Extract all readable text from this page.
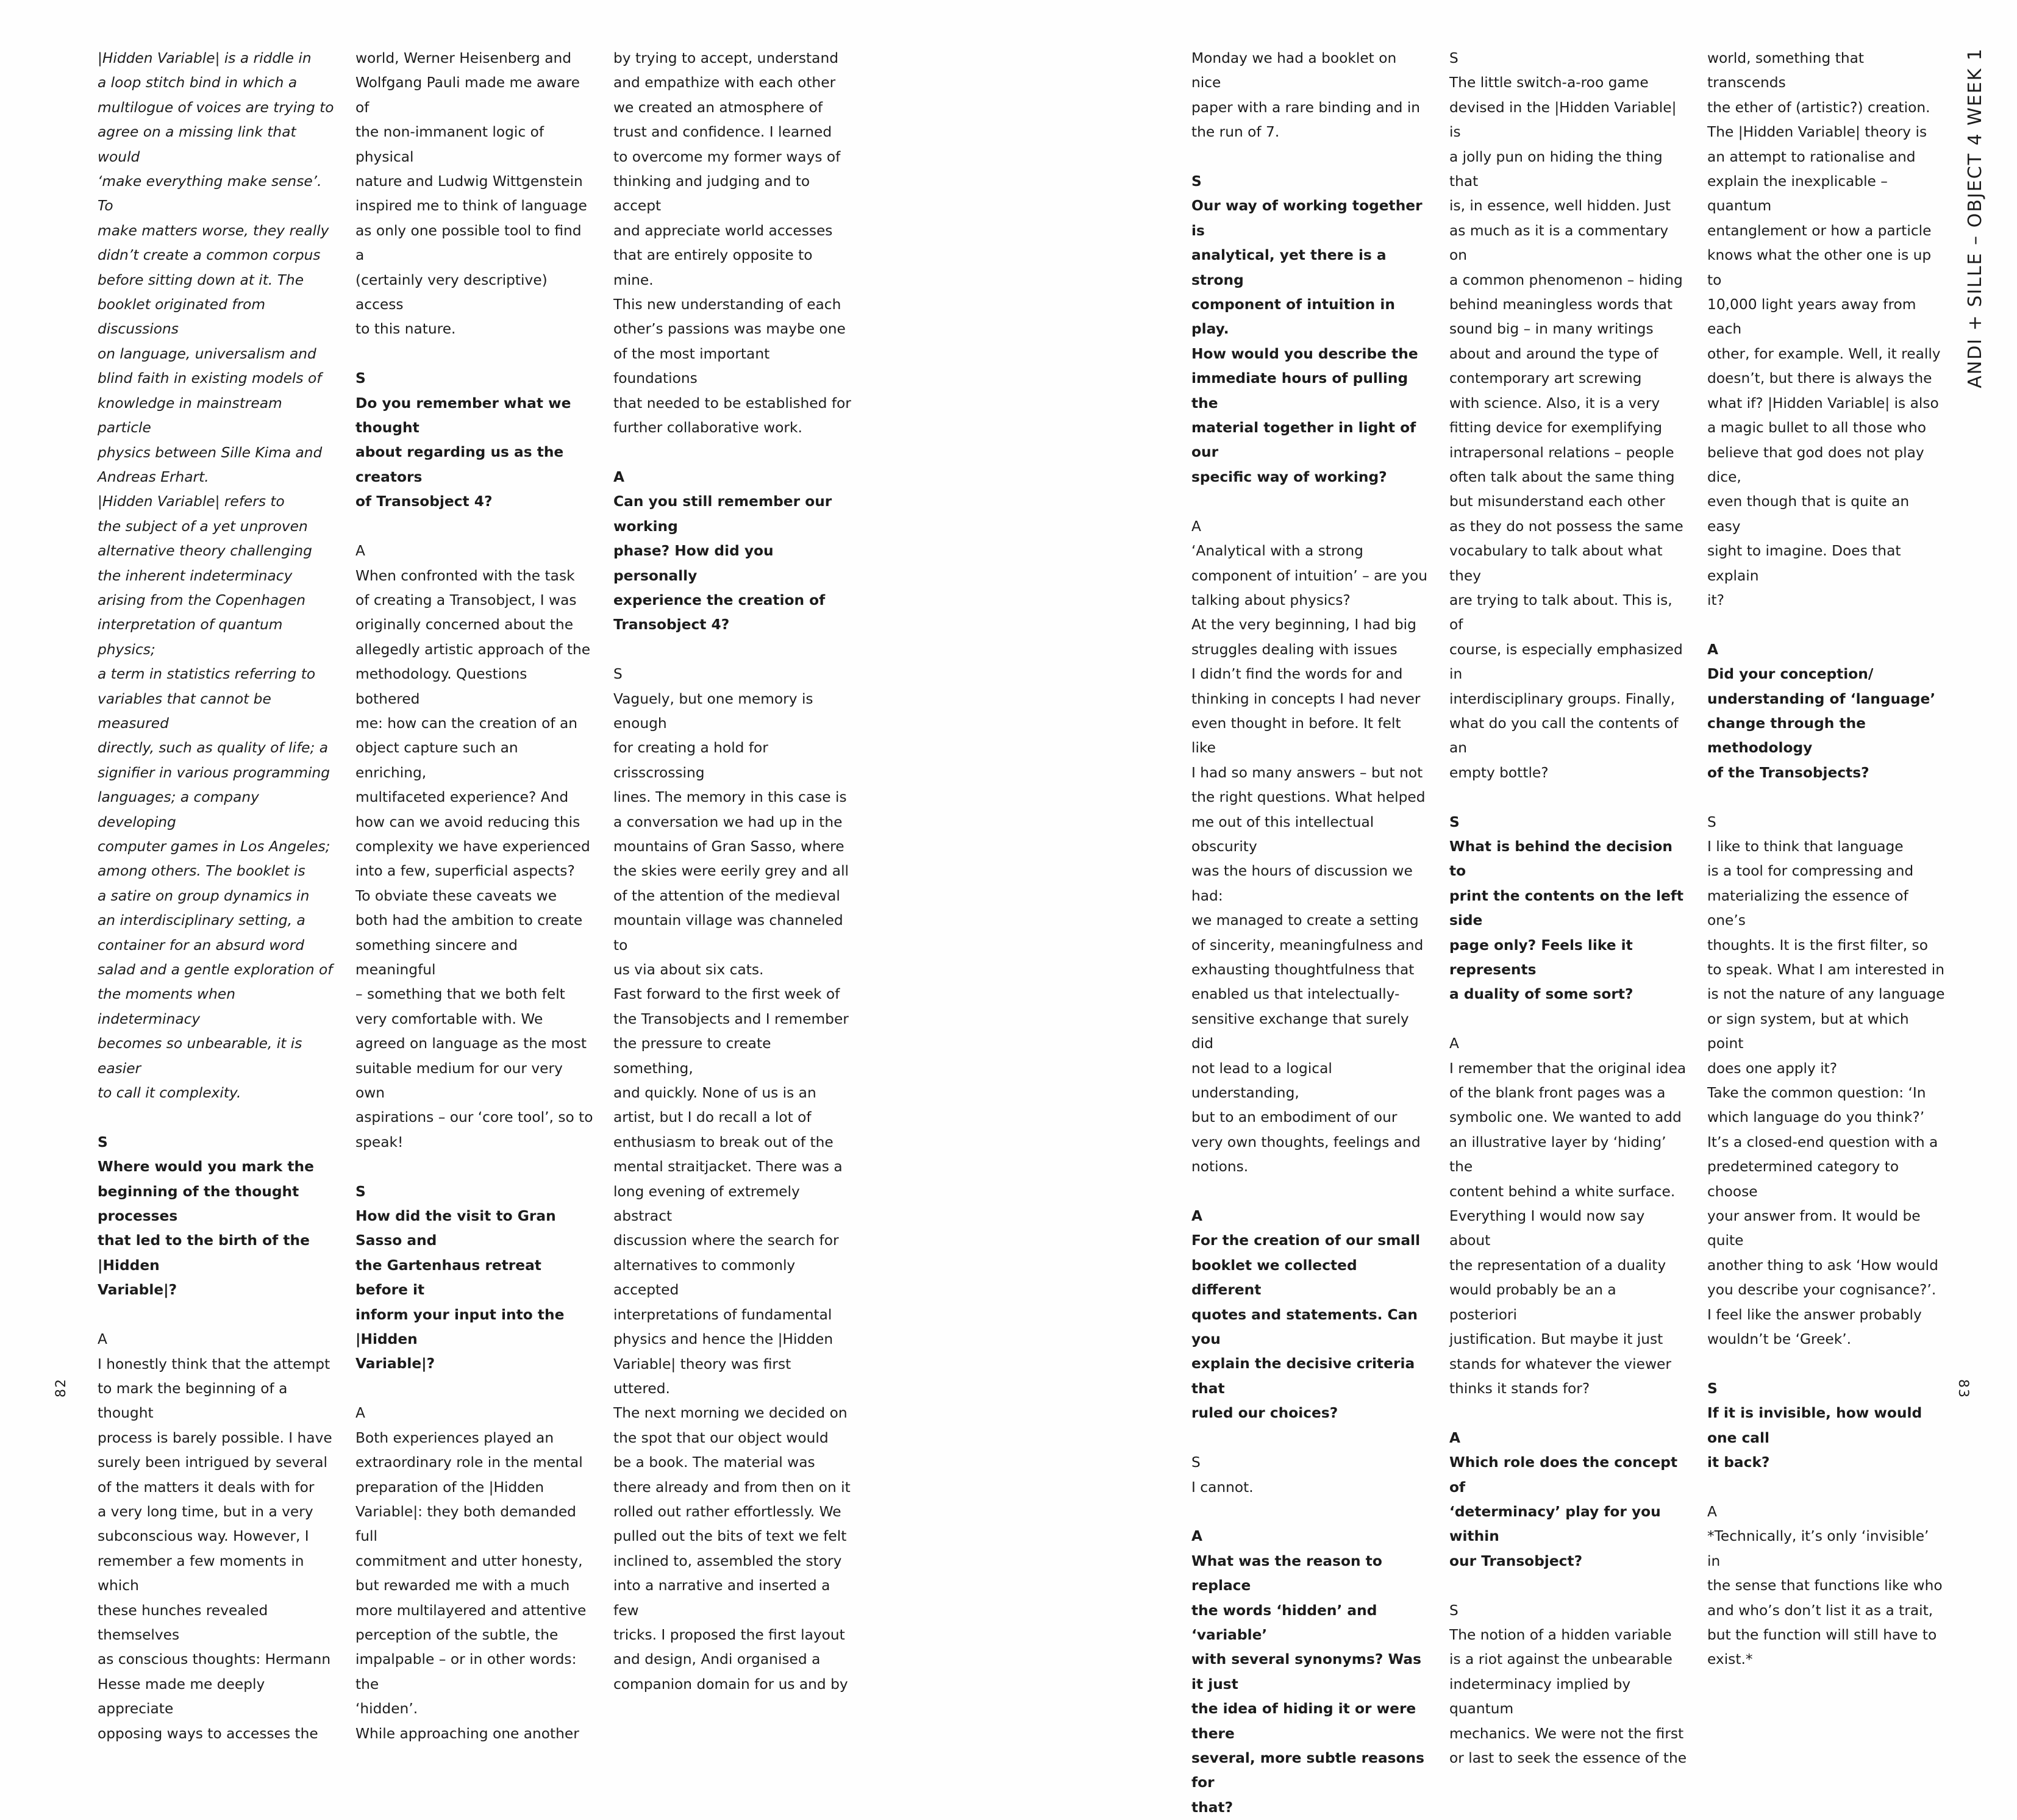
|Hidden Variable| is a riddle in

a loop stitch bind in which a

multilogue of voices are trying to

agree on a missing link that would

‘make everything make sense’. To

make matters worse, they really

didn’t create a common corpus

before sitting down at it. The

booklet originated from discussions

on language, universalism and

blind faith in existing models of

knowledge in mainstream particle

physics between Sille Kima and

Andreas Erhart.

|Hidden Variable| refers to

the subject of a yet unproven

alternative theory challenging

the inherent indeterminacy

arising from the Copenhagen

interpretation of quantum physics;

a term in statistics referring to

variables that cannot be measured

directly, such as quality of life; a

signifier in various programming

languages; a company developing

computer games in Los Angeles;

among others. The booklet is

a satire on group dynamics in

an interdisciplinary setting, a

container for an absurd word

salad and a gentle exploration of

the moments when indeterminacy

becomes so unbearable, it is easier

to call it complexity.

S

Where would you mark the

beginning of the thought processes

that led to the birth of the |Hidden

Variable|?

A

I honestly think that the attempt

to mark the beginning of a thought

process is barely possible. I have

surely been intrigued by several

of the matters it deals with for

a very long time, but in a very

subconscious way. However, I

remember a few moments in which

these hunches revealed themselves

as conscious thoughts: Hermann

Hesse made me deeply appreciate

opposing ways to accesses the

world, Werner Heisenberg and

Wolfgang Pauli made me aware of

the non-immanent logic of physical

nature and Ludwig Wittgenstein

inspired me to think of language

as only one possible tool to find a

(certainly very descriptive) access

to this nature.

S

Do you remember what we thought

about regarding us as the creators

of Transobject 4?

A

When confronted with the task

of creating a Transobject, I was

originally concerned about the

allegedly artistic approach of the

methodology. Questions bothered

me: how can the creation of an

object capture such an enriching,

multifaceted experience? And

how can we avoid reducing this

complexity we have experienced

into a few, superficial aspects?

To obviate these caveats we

both had the ambition to create

something sincere and meaningful

– something that we both felt

very comfortable with. We

agreed on language as the most

suitable medium for our very own

aspirations – our ‘core tool’, so to

speak!

S

How did the visit to Gran Sasso and

the Gartenhaus retreat before it

inform your input into the |Hidden

Variable|?

A

Both experiences played an

extraordinary role in the mental

preparation of the |Hidden

Variable|: they both demanded full

commitment and utter honesty,

but rewarded me with a much

more multilayered and attentive

perception of the subtle, the

impalpable – or in other words: the

‘hidden’.

While approaching one another

by trying to accept, understand

and empathize with each other

we created an atmosphere of

trust and confidence. I learned

to overcome my former ways of

thinking and judging and to accept

and appreciate world accesses

that are entirely opposite to mine.

This new understanding of each

other’s passions was maybe one

of the most important foundations

that needed to be established for

further collaborative work.

A

Can you still remember our working

phase? How did you personally

experience the creation of

Transobject 4?

S

Vaguely, but one memory is enough

for creating a hold for crisscrossing

lines. The memory in this case is

a conversation we had up in the

mountains of Gran Sasso, where

the skies were eerily grey and all

of the attention of the medieval

mountain village was channeled to

us via about six cats.

Fast forward to the first week of

the Transobjects and I remember

the pressure to create something,

and quickly. None of us is an

artist, but I do recall a lot of

enthusiasm to break out of the

mental straitjacket. There was a

long evening of extremely abstract

discussion where the search for

alternatives to commonly accepted

interpretations of fundamental

physics and hence the |Hidden

Variable| theory was first uttered.

The next morning we decided on

the spot that our object would

be a book. The material was

there already and from then on it

rolled out rather effortlessly. We

pulled out the bits of text we felt

inclined to, assembled the story

into a narrative and inserted a few

tricks. I proposed the first layout

and design, Andi organised a

companion domain for us and by

Monday we had a booklet on nice

paper with a rare binding and in

the run of 7.

S

Our way of working together is

analytical, yet there is a strong

component of intuition in play.

How would you describe the

immediate hours of pulling the

material together in light of our

specific way of working?

A

‘Analytical with a strong

component of intuition’ – are you

talking about physics?

At the very beginning, I had big

struggles dealing with issues

I didn’t find the words for and

thinking in concepts I had never

even thought in before. It felt like

I had so many answers – but not

the right questions. What helped

me out of this intellectual obscurity

was the hours of discussion we had:

we managed to create a setting

of sincerity, meaningfulness and

exhausting thoughtfulness that

enabled us that intelectually-

sensitive exchange that surely did

not lead to a logical understanding,

but to an embodiment of our

very own thoughts, feelings and

notions.

A

For the creation of our small

booklet we collected different

quotes and statements. Can you

explain the decisive criteria that

ruled our choices?

S

I cannot.

A

What was the reason to replace

the words ‘hidden’ and ‘variable’

with several synonyms? Was it just

the idea of hiding it or were there

several, more subtle reasons for

that?

S

The little switch-a-roo game

devised in the |Hidden Variable| is

a jolly pun on hiding the thing that

is, in essence, well hidden. Just

as much as it is a commentary on

a common phenomenon – hiding

behind meaningless words that

sound big – in many writings

about and around the type of

contemporary art screwing

with science. Also, it is a very

fitting device for exemplifying

intrapersonal relations – people

often talk about the same thing

but misunderstand each other

as they do not possess the same

vocabulary to talk about what they

are trying to talk about. This is, of

course, is especially emphasized in

interdisciplinary groups. Finally,

what do you call the contents of an

empty bottle?

S

What is behind the decision to

print the contents on the left side

page only? Feels like it represents

a duality of some sort?

A

I remember that the original idea

of the blank front pages was a

symbolic one. We wanted to add

an illustrative layer by ‘hiding’ the

content behind a white surface.

Everything I would now say about

the representation of a duality

would probably be an a posteriori

justification. But maybe it just

stands for whatever the viewer

thinks it stands for?

A

Which role does the concept of

‘determinacy’ play for you within

our Transobject?

S

The notion of a hidden variable

is a riot against the unbearable

indeterminacy implied by quantum

mechanics. We were not the first

or last to seek the essence of the

world, something that transcends

the ether of (artistic?) creation.

The |Hidden Variable| theory is

an attempt to rationalise and

explain the inexplicable – quantum

entanglement or how a particle

knows what the other one is up to

10,000 light years away from each

other, for example. Well, it really

doesn’t, but there is always the

what if? |Hidden Variable| is also

a magic bullet to all those who

believe that god does not play dice,

even though that is quite an easy

sight to imagine. Does that explain

it?

A

Did your conception/

understanding of ‘language’

change through the methodology

of the Transobjects?

S

I like to think that language

is a tool for compressing and

materializing the essence of one’s

thoughts. It is the first filter, so

to speak. What I am interested in

is not the nature of any language

or sign system, but at which point

does one apply it?

Take the common question: ‘In

which language do you think?’

It’s a closed-end question with a

predetermined category to choose

your answer from. It would be quite

another thing to ask ‘How would

you describe your cognisance?’.

I feel like the answer probably

wouldn’t be ‘Greek’.

S

If it is invisible, how would one call

it back?

A

*Technically, it’s only ‘invisible’ in

the sense that functions like who

and who’s don’t list it as a trait,

but the function will still have to

exist.*

ANDI + SILLE – OBJECT 4 WEEK 1
82	83
